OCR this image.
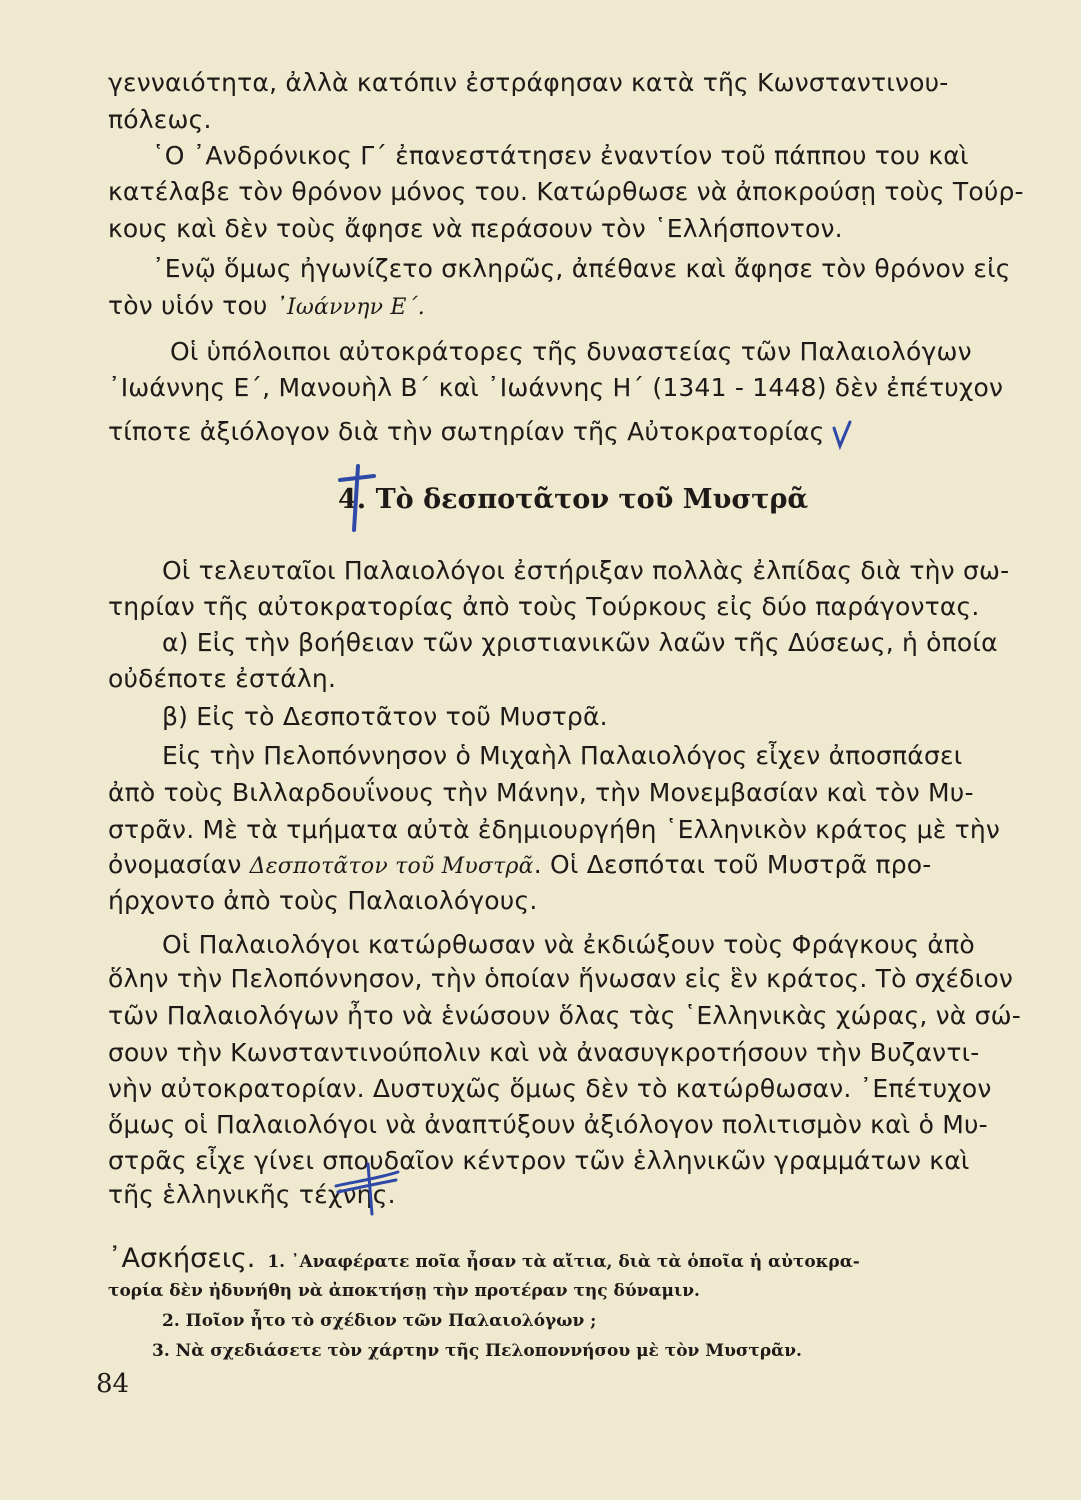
γενναιότητα, ἀλλὰ κατόπιν ἐστράφησαν κατὰ τῆς Κωνσταντινου-
πόλεως.
῾Ο ᾿Ανδρόνικος Γ΄ ἐπανεστάτησεν ἐναντίον τοῦ πάππου του καὶ
κατέλαβε τὸν θρόνον μόνος του. Κατώρθωσε νὰ ἀποκρούσῃ τοὺς Τούρ-
κους καὶ δὲν τοὺς ἄφησε νὰ περάσουν τὸν ῾Ελλήσποντον.
᾿Ενῷ ὅμως ἠγωνίζετο σκληρῶς, ἀπέθανε καὶ ἄφησε τὸν θρόνον εἰς
τὸν υἱόν του ᾿Ιωάννην Ε΄.
Οἱ ὑπόλοιποι αὐτοκράτορες τῆς δυναστείας τῶν Παλαιολόγων
᾿Ιωάννης Ε΄, Μανουὴλ Β΄ καὶ ᾿Ιωάννης Η΄ (1341 - 1448) δὲν ἐπέτυχον
τίποτε ἀξιόλογον διὰ τὴν σωτηρίαν τῆς Αὐτοκρατορίας
4. Τὸ δεσποτᾶτον τοῦ Μυστρᾶ
Οἱ τελευταῖοι Παλαιολόγοι ἐστήριξαν πολλὰς ἐλπίδας διὰ τὴν σω-
τηρίαν τῆς αὐτοκρατορίας ἀπὸ τοὺς Τούρκους εἰς δύο παράγοντας.
α) Εἰς τὴν βοήθειαν τῶν χριστιανικῶν λαῶν τῆς Δύσεως, ἡ ὁποία
οὐδέποτε ἐστάλη.
β) Εἰς τὸ Δεσποτᾶτον τοῦ Μυστρᾶ.
Εἰς τὴν Πελοπόννησον ὁ Μιχαὴλ Παλαιολόγος εἶχεν ἀποσπάσει
ἀπὸ τοὺς Βιλλαρδουΐνους τὴν Μάνην, τὴν Μονεμβασίαν καὶ τὸν Μυ-
στρᾶν. Μὲ τὰ τμήματα αὐτὰ ἐδημιουργήθη ῾Ελληνικὸν κράτος μὲ τὴν
ὀνομασίαν Δεσποτᾶτον τοῦ Μυστρᾶ. Οἱ Δεσπόται τοῦ Μυστρᾶ προ-
ήρχοντο ἀπὸ τοὺς Παλαιολόγους.
Οἱ Παλαιολόγοι κατώρθωσαν νὰ ἐκδιώξουν τοὺς Φράγκους ἀπὸ
ὅλην τὴν Πελοπόννησον, τὴν ὁποίαν ἥνωσαν εἰς ἓν κράτος. Τὸ σχέδιον
τῶν Παλαιολόγων ἦτο νὰ ἑνώσουν ὅλας τὰς ῾Ελληνικὰς χώρας, νὰ σώ-
σουν τὴν Κωνσταντινούπολιν καὶ νὰ ἀνασυγκροτήσουν τὴν Βυζαντι-
νὴν αὐτοκρατορίαν. Δυστυχῶς ὅμως δὲν τὸ κατώρθωσαν. ᾿Επέτυχον
ὅμως οἱ Παλαιολόγοι νὰ ἀναπτύξουν ἀξιόλογον πολιτισμὸν καὶ ὁ Μυ-
στρᾶς εἶχε γίνει σπουδαῖον κέντρον τῶν ἑλληνικῶν γραμμάτων καὶ
τῆς ἑλληνικῆς τέχνης.
᾿Ασκήσεις. 1. ᾿Αναφέρατε ποῖα ἦσαν τὰ αἴτια, διὰ τὰ ὁποῖα ἡ αὐτοκρα-
τορία δὲν ἠδυνήθη νὰ ἀποκτήσῃ τὴν προτέραν της δύναμιν.
2. Ποῖον ἦτο τὸ σχέδιον τῶν Παλαιολόγων ;
3. Νὰ σχεδιάσετε τὸν χάρτην τῆς Πελοποννήσου μὲ τὸν Μυστρᾶν.
84
